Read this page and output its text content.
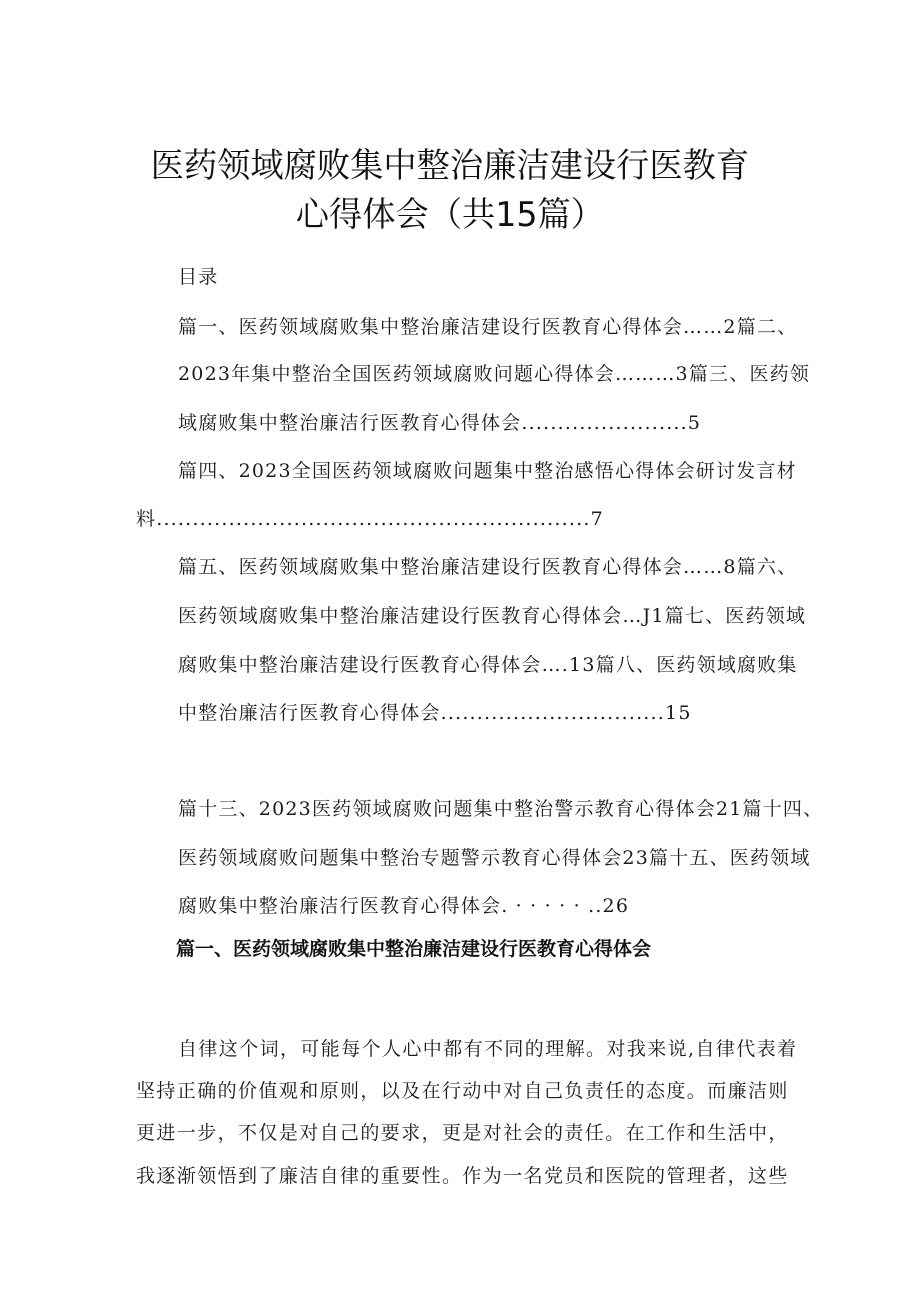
医药领域腐败集中整治廉洁建设行医教育
心得体会（共15篇）
目录
篇一、医药领域腐败集中整治廉洁建设行医教育心得体会……2篇二、
2023年集中整治全国医药领域腐败问题心得体会………3篇三、医药领
域腐败集中整治廉洁行医教育心得体会.......................5
篇四、2023全国医药领域腐败问题集中整治感悟心得体会研讨发言材
料............................................................7
篇五、医药领域腐败集中整治廉洁建设行医教育心得体会……8篇六、
医药领域腐败集中整治廉洁建设行医教育心得体会…J1篇七、医药领域
腐败集中整治廉洁建设行医教育心得体会….13篇八、医药领域腐败集
中整治廉洁行医教育心得体会...............................15
篇十三、2023医药领域腐败问题集中整治警示教育心得体会21篇十四、
医药领域腐败问题集中整治专题警示教育心得体会23篇十五、医药领域
腐败集中整治廉洁行医教育心得体会. · · · · · ..26
篇一、医药领域腐败集中整治廉洁建设行医教育心得体会
自律这个词，可能每个人心中都有不同的理解。对我来说,自律代表着
坚持正确的价值观和原则，以及在行动中对自己负责任的态度。而廉洁则
更进一步，不仅是对自己的要求，更是对社会的责任。在工作和生活中，
我逐渐领悟到了廉洁自律的重要性。作为一名党员和医院的管理者，这些
